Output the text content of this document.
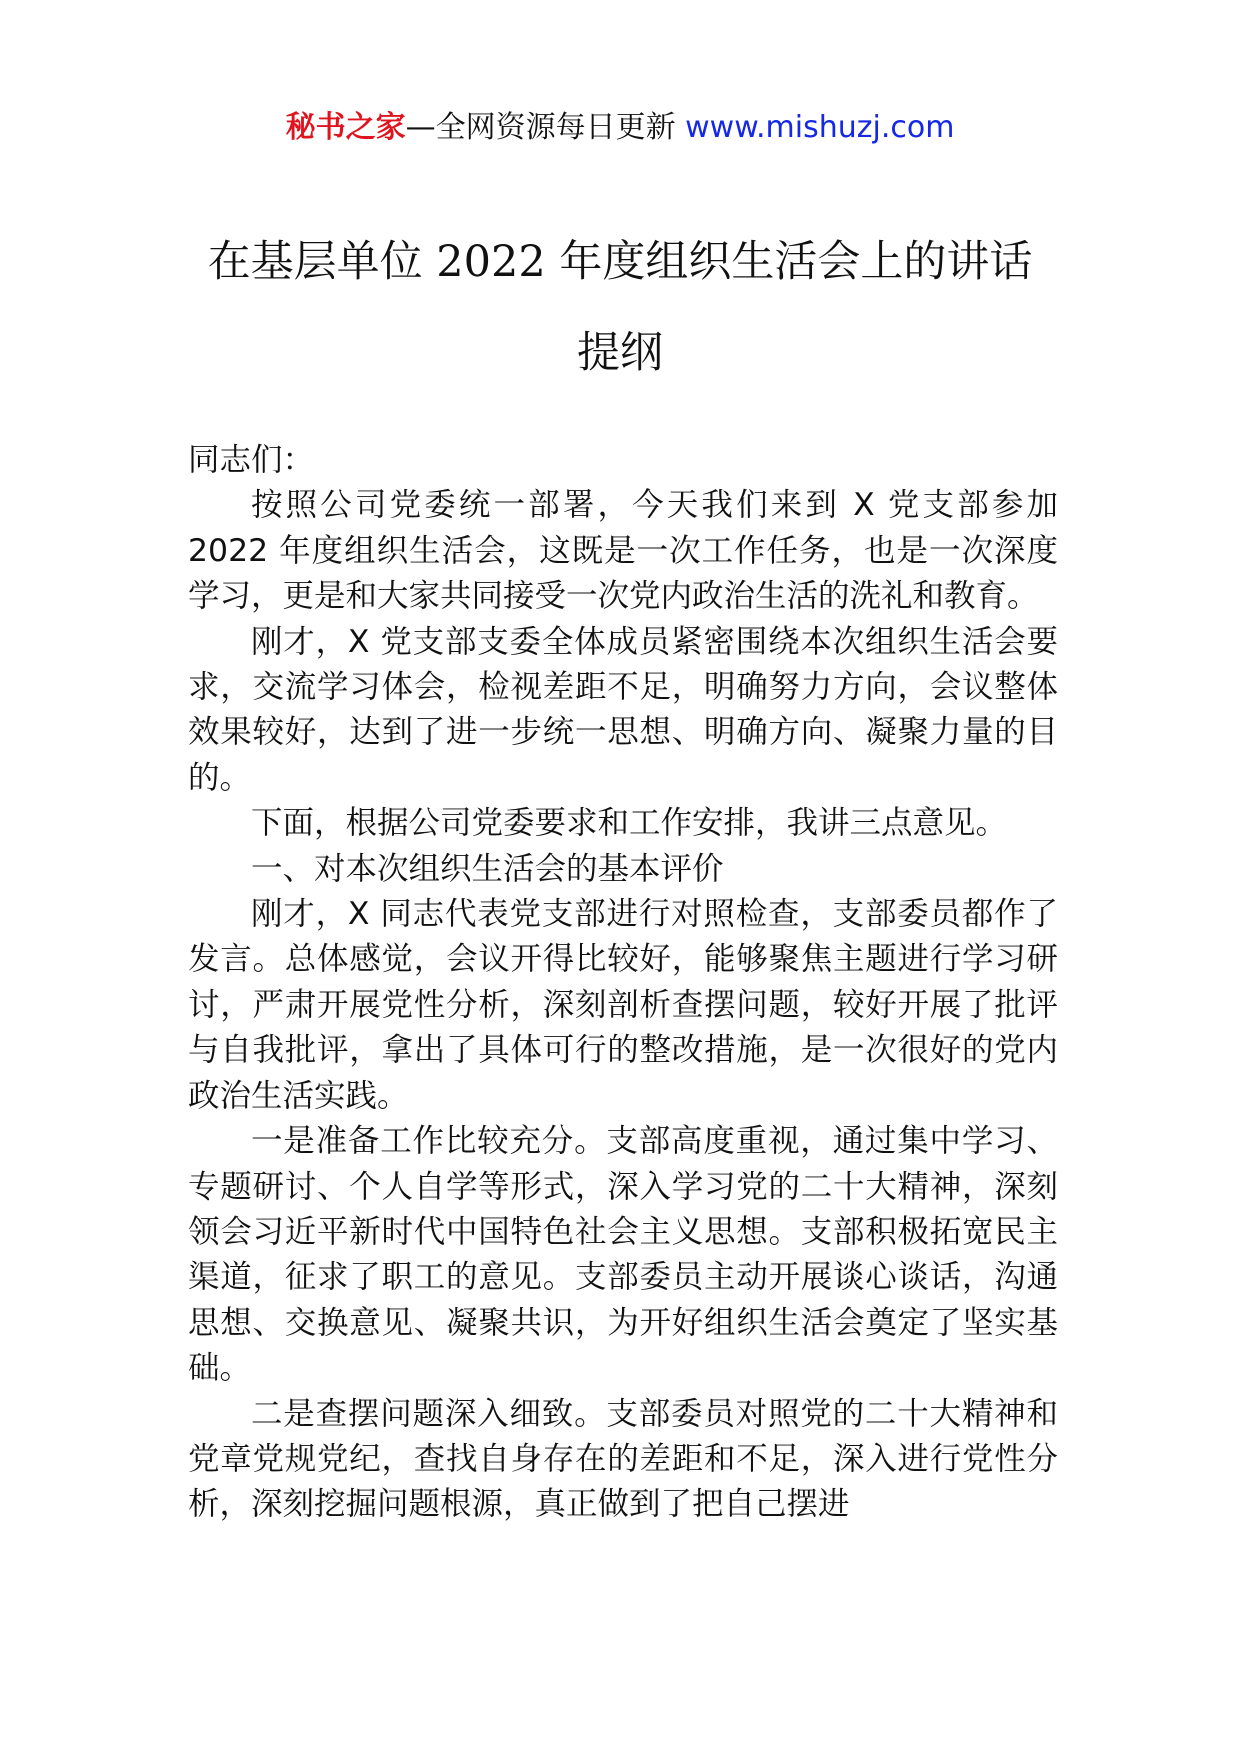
秘书之家—全网资源每日更新 www.mishuzj.com
在基层单位 2022 年度组织生活会上的讲话
提纲

同志们：

按照公司党委统一部署，今天我们来到 X 党支部参加 2022 年度组织生活会，这既是一次工作任务，也是一次深度学习，更是和大家共同接受一次党内政治生活的洗礼和教育。

刚才，X 党支部支委全体成员紧密围绕本次组织生活会要求，交流学习体会，检视差距不足，明确努力方向，会议整体效果较好，达到了进一步统一思想、明确方向、凝聚力量的目的。

下面，根据公司党委要求和工作安排，我讲三点意见。

一、对本次组织生活会的基本评价

刚才，X 同志代表党支部进行对照检查，支部委员都作了发言。总体感觉，会议开得比较好，能够聚焦主题进行学习研讨，严肃开展党性分析，深刻剖析查摆问题，较好开展了批评与自我批评，拿出了具体可行的整改措施，是一次很好的党内政治生活实践。

一是准备工作比较充分。支部高度重视，通过集中学习、专题研讨、个人自学等形式，深入学习党的二十大精神，深刻领会习近平新时代中国特色社会主义思想。支部积极拓宽民主渠道，征求了职工的意见。支部委员主动开展谈心谈话，沟通思想、交换意见、凝聚共识，为开好组织生活会奠定了坚实基础。

二是查摆问题深入细致。支部委员对照党的二十大精神和党章党规党纪，查找自身存在的差距和不足，深入进行党性分析，深刻挖掘问题根源，真正做到了把自己摆进
